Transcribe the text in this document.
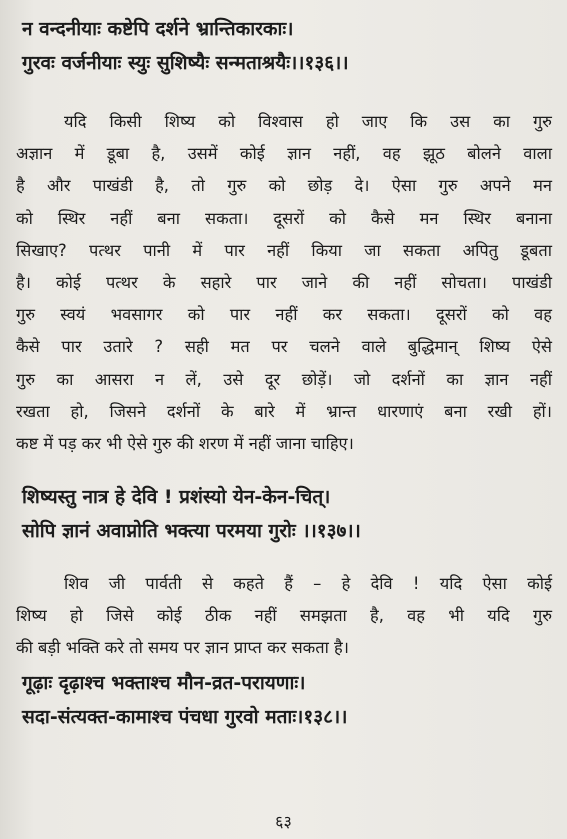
न वन्दनीयाः कष्टेपि दर्शने भ्रान्तिकारकाः।
गुरवः वर्जनीयाः स्युः सुशिष्यैः सन्मताश्रयैः।।१३६।।
यदि किसी शिष्य को विश्वास हो जाए कि उस का गुरु
अज्ञान में डूबा है, उसमें कोई ज्ञान नहीं, वह झूठ बोलने वाला
है और पाखंडी है, तो गुरु को छोड़ दे। ऐसा गुरु अपने मन
को स्थिर नहीं बना सकता। दूसरों को कैसे मन स्थिर बनाना
सिखाए? पत्थर पानी में पार नहीं किया जा सकता अपितु डूबता
है। कोई पत्थर के सहारे पार जाने की नहीं सोचता। पाखंडी
गुरु स्वयं भवसागर को पार नहीं कर सकता। दूसरों को वह
कैसे पार उतारे ? सही मत पर चलने वाले बुद्धिमान् शिष्य ऐसे
गुरु का आसरा न लें, उसे दूर छोड़ें। जो दर्शनों का ज्ञान नहीं
रखता हो, जिसने दर्शनों के बारे में भ्रान्त धारणाएं बना रखी हों।
कष्ट में पड़ कर भी ऐसे गुरु की शरण में नहीं जाना चाहिए।
शिष्यस्तु नात्र हे देवि ! प्रशंस्यो येन-केन-चित्।
सोपि ज्ञानं अवाप्नोति भक्त्या परमया गुरोः ।।१३७।।
शिव जी पार्वती से कहते हैं – हे देवि ! यदि ऐसा कोई
शिष्य हो जिसे कोई ठीक नहीं समझता है, वह भी यदि गुरु
की बड़ी भक्ति करे तो समय पर ज्ञान प्राप्त कर सकता है।
गूढ़ाः दृढ़ाश्च भक्ताश्च मौन-व्रत-परायणाः।
सदा-संत्यक्त-कामाश्च पंचधा गुरवो मताः।१३८।।
६३
